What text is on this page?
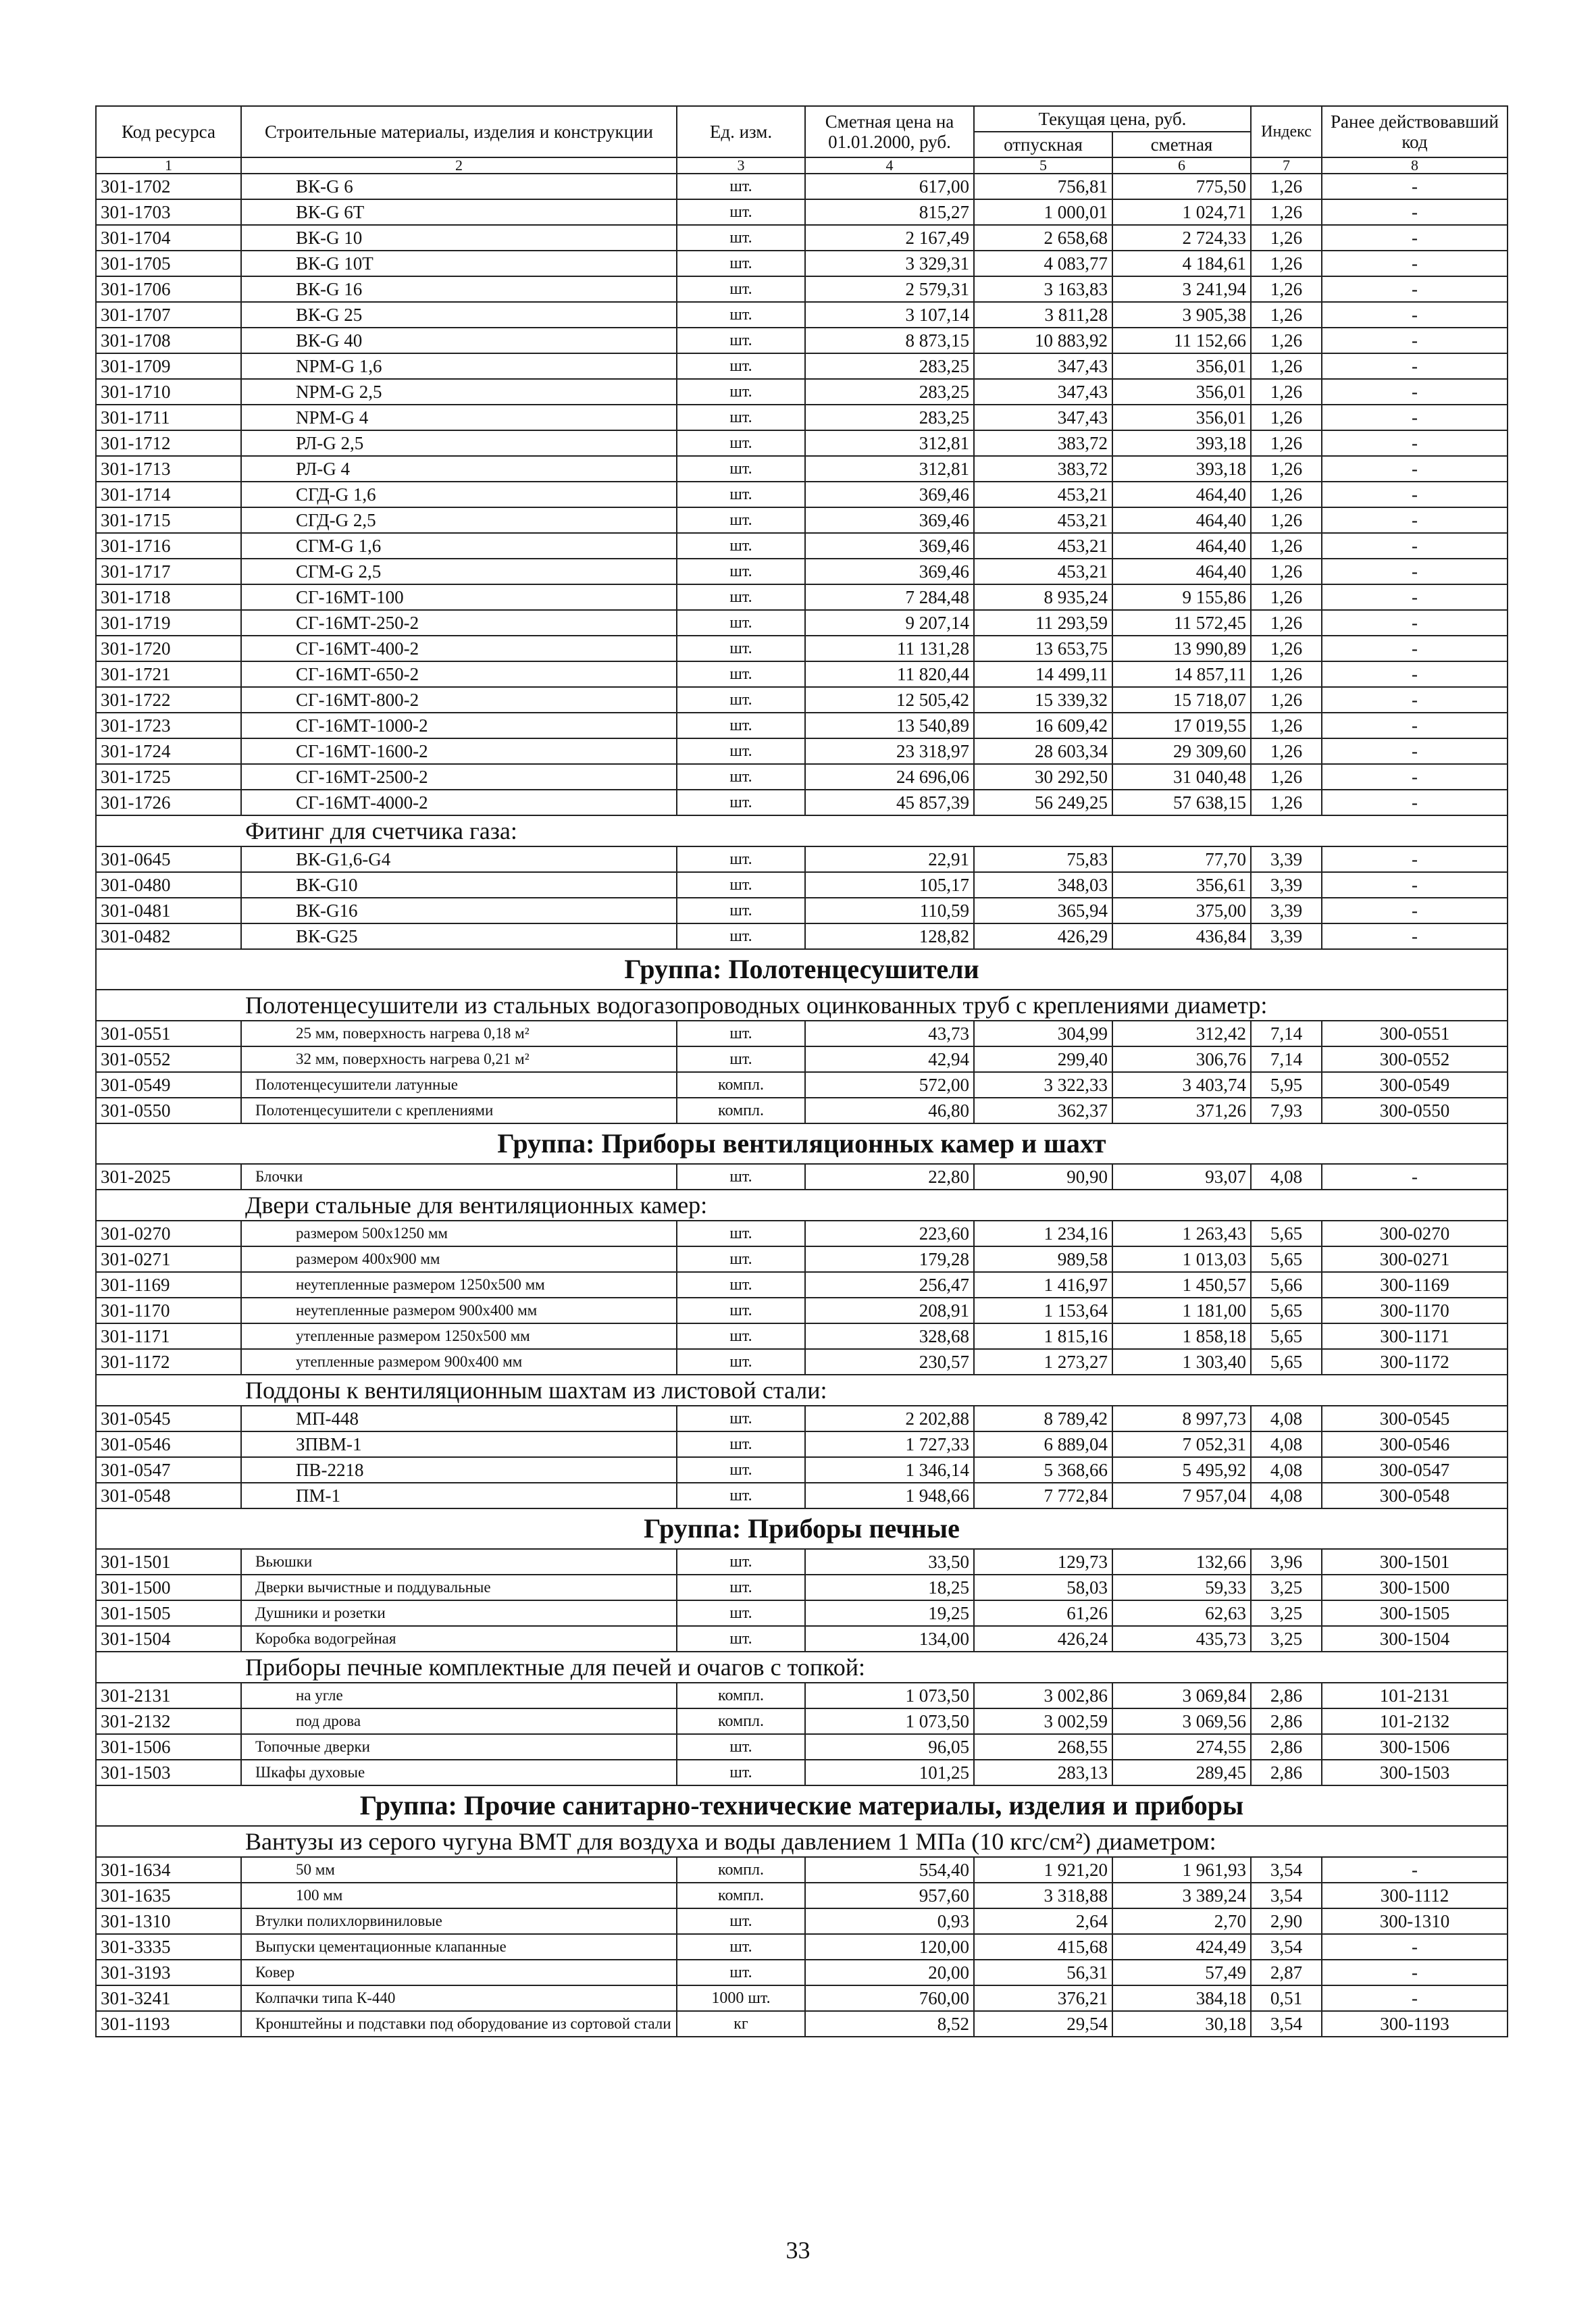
Код ресурса	Строительные материалы, изделия и конструкции	Ед. изм.	Сметная цена на 01.01.2000, руб.	Текущая цена, руб.		Индекс	Ранее действовавший код
				отпускная	сметная		
1	2	3	4	5	6	7	8
301-1702	ВК-G 6	шт.	617,00	756,81	775,50	1,26	-
301-1703	ВК-G 6Т	шт.	815,27	1 000,01	1 024,71	1,26	-
301-1704	ВК-G 10	шт.	2 167,49	2 658,68	2 724,33	1,26	-
301-1705	ВК-G 10Т	шт.	3 329,31	4 083,77	4 184,61	1,26	-
301-1706	ВК-G 16	шт.	2 579,31	3 163,83	3 241,94	1,26	-
301-1707	ВК-G 25	шт.	3 107,14	3 811,28	3 905,38	1,26	-
301-1708	ВК-G 40	шт.	8 873,15	10 883,92	11 152,66	1,26	-
301-1709	NPM-G 1,6	шт.	283,25	347,43	356,01	1,26	-
301-1710	NPM-G 2,5	шт.	283,25	347,43	356,01	1,26	-
301-1711	NPM-G 4	шт.	283,25	347,43	356,01	1,26	-
301-1712	РЛ-G 2,5	шт.	312,81	383,72	393,18	1,26	-
301-1713	РЛ-G 4	шт.	312,81	383,72	393,18	1,26	-
301-1714	СГД-G 1,6	шт.	369,46	453,21	464,40	1,26	-
301-1715	СГД-G 2,5	шт.	369,46	453,21	464,40	1,26	-
301-1716	СГМ-G 1,6	шт.	369,46	453,21	464,40	1,26	-
301-1717	СГМ-G 2,5	шт.	369,46	453,21	464,40	1,26	-
301-1718	СГ-16МТ-100	шт.	7 284,48	8 935,24	9 155,86	1,26	-
301-1719	СГ-16МТ-250-2	шт.	9 207,14	11 293,59	11 572,45	1,26	-
301-1720	СГ-16МТ-400-2	шт.	11 131,28	13 653,75	13 990,89	1,26	-
301-1721	СГ-16МТ-650-2	шт.	11 820,44	14 499,11	14 857,11	1,26	-
301-1722	СГ-16МТ-800-2	шт.	12 505,42	15 339,32	15 718,07	1,26	-
301-1723	СГ-16МТ-1000-2	шт.	13 540,89	16 609,42	17 019,55	1,26	-
301-1724	СГ-16МТ-1600-2	шт.	23 318,97	28 603,34	29 309,60	1,26	-
301-1725	СГ-16МТ-2500-2	шт.	24 696,06	30 292,50	31 040,48	1,26	-
301-1726	СГ-16МТ-4000-2	шт.	45 857,39	56 249,25	57 638,15	1,26	-
Фитинг для счетчика газа:							
301-0645	ВК-G1,6-G4	шт.	22,91	75,83	77,70	3,39	-
301-0480	ВК-G10	шт.	105,17	348,03	356,61	3,39	-
301-0481	ВК-G16	шт.	110,59	365,94	375,00	3,39	-
301-0482	ВК-G25	шт.	128,82	426,29	436,84	3,39	-
Группа: Полотенцесушители							
Полотенцесушители из стальных водогазопроводных оцинкованных труб с креплениями диаметр:							
301-0551	25 мм, поверхность нагрева 0,18 м²	шт.	43,73	304,99	312,42	7,14	300-0551
301-0552	32 мм, поверхность нагрева 0,21 м²	шт.	42,94	299,40	306,76	7,14	300-0552
301-0549	Полотенцесушители латунные	компл.	572,00	3 322,33	3 403,74	5,95	300-0549
301-0550	Полотенцесушители с креплениями	компл.	46,80	362,37	371,26	7,93	300-0550
Группа: Приборы вентиляционных камер и шахт							
301-2025	Блочки	шт.	22,80	90,90	93,07	4,08	-
Двери стальные для вентиляционных камер:							
301-0270	размером 500x1250 мм	шт.	223,60	1 234,16	1 263,43	5,65	300-0270
301-0271	размером 400x900 мм	шт.	179,28	989,58	1 013,03	5,65	300-0271
301-1169	неутепленные размером 1250x500 мм	шт.	256,47	1 416,97	1 450,57	5,66	300-1169
301-1170	неутепленные размером 900x400 мм	шт.	208,91	1 153,64	1 181,00	5,65	300-1170
301-1171	утепленные размером 1250x500 мм	шт.	328,68	1 815,16	1 858,18	5,65	300-1171
301-1172	утепленные размером 900x400 мм	шт.	230,57	1 273,27	1 303,40	5,65	300-1172
Поддоны к вентиляционным шахтам из листовой стали:							
301-0545	МП-448	шт.	2 202,88	8 789,42	8 997,73	4,08	300-0545
301-0546	ЗПВМ-1	шт.	1 727,33	6 889,04	7 052,31	4,08	300-0546
301-0547	ПВ-2218	шт.	1 346,14	5 368,66	5 495,92	4,08	300-0547
301-0548	ПМ-1	шт.	1 948,66	7 772,84	7 957,04	4,08	300-0548
Группа: Приборы печные							
301-1501	Вьюшки	шт.	33,50	129,73	132,66	3,96	300-1501
301-1500	Дверки вычистные и поддувальные	шт.	18,25	58,03	59,33	3,25	300-1500
301-1505	Душники и розетки	шт.	19,25	61,26	62,63	3,25	300-1505
301-1504	Коробка водогрейная	шт.	134,00	426,24	435,73	3,25	300-1504
Приборы печные комплектные для печей и очагов с топкой:							
301-2131	на угле	компл.	1 073,50	3 002,86	3 069,84	2,86	101-2131
301-2132	под дрова	компл.	1 073,50	3 002,59	3 069,56	2,86	101-2132
301-1506	Топочные дверки	шт.	96,05	268,55	274,55	2,86	300-1506
301-1503	Шкафы духовые	шт.	101,25	283,13	289,45	2,86	300-1503
Группа: Прочие санитарно-технические материалы, изделия и приборы							
Вантузы из серого чугуна ВМТ для воздуха и воды давлением 1 МПа (10 кгс/см²) диаметром:							
301-1634	50 мм	компл.	554,40	1 921,20	1 961,93	3,54	-
301-1635	100 мм	компл.	957,60	3 318,88	3 389,24	3,54	300-1112
301-1310	Втулки полихлорвиниловые	шт.	0,93	2,64	2,70	2,90	300-1310
301-3335	Выпуски цементационные клапанные	шт.	120,00	415,68	424,49	3,54	-
301-3193	Ковер	шт.	20,00	56,31	57,49	2,87	-
301-3241	Колпачки типа К-440	1000 шт.	760,00	376,21	384,18	0,51	-
301-1193	Кронштейны и подставки под оборудование из сортовой стали	кг	8,52	29,54	30,18	3,54	300-1193
33
